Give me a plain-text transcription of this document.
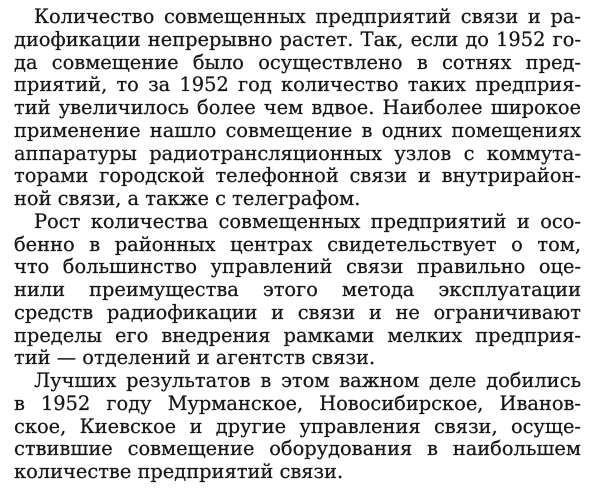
Количество совмещенных предприятий связи и ра-

диофикации непрерывно растет. Так, если до 1952 го-

да совмещение было осуществлено в сотнях пред-

приятий, то за 1952 год количество таких предприя-

тий увеличилось более чем вдвое. Наиболее широкое

применение нашло совмещение в одних помещениях

аппаратуры радиотрансляционных узлов с коммута-

торами городской телефонной связи и внутрирайон-

ной связи, а также с телеграфом.

Рост количества совмещенных предприятий и осо-

бенно в районных центрах свидетельствует о том,

что большинство управлений связи правильно оце-

нили преимущества этого метода эксплуатации

средств радиофикации и связи и не ограничивают

пределы его внедрения рамками мелких предприя-

тий — отделений и агентств связи.

Лучших результатов в этом важном деле добились

в 1952 году Мурманское, Новосибирское, Иванов-

ское, Киевское и другие управления связи, осуще-

ствившие совмещение оборудования в наибольшем

количестве предприятий связи.
